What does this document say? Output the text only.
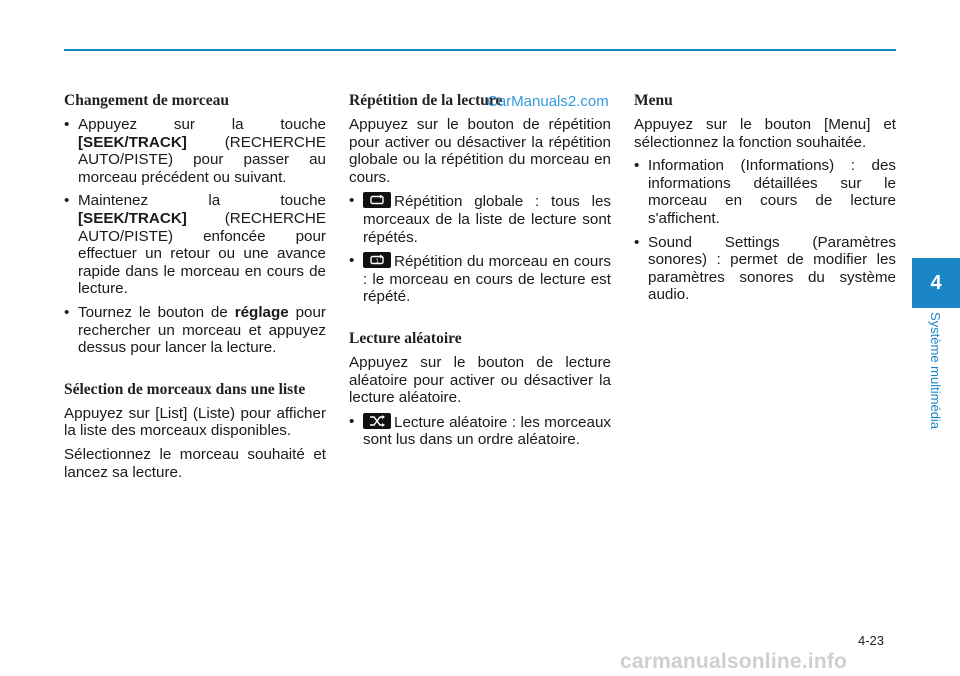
Changement de morceau
• Appuyez sur la touche [SEEK/TRACK] (RECHERCHE AUTO/PISTE) pour passer au morceau précédent ou suivant.
• Maintenez la touche [SEEK/TRACK] (RECHERCHE AUTO/PISTE) enfoncée pour effectuer un retour ou une avance rapide dans le morceau en cours de lecture.
• Tournez le bouton de réglage pour rechercher un morceau et appuyez dessus pour lancer la lecture.
Sélection de morceaux dans une liste

Appuyez sur [List] (Liste) pour afficher la liste des morceaux disponibles.

Sélectionnez le morceau souhaité et lancez sa lecture.

Répétition de la lecture

Appuyez sur le bouton de répétition pour activer ou désactiver la répétition globale ou la répétition du morceau en cours.

• Répétition globale : tous les morceaux de la liste de lecture sont répétés.
• 1 Répétition du morceau en cours : le morceau en cours de lecture est répété.
Lecture aléatoire

Appuyez sur le bouton de lecture aléatoire pour activer ou désactiver la lecture aléatoire.

• Lecture aléatoire : les morceaux sont lus dans un ordre aléatoire.
Menu

Appuyez sur le bouton [Menu] et sélectionnez la fonction souhaitée.

• Information (Informations) : des informations détaillées sur le morceau en cours de lecture s'affichent.
• Sound Settings (Paramètres sonores) : permet de modifier les paramètres sonores du système audio.
CarManuals2.com
4
Système multimédia
4-23
carmanualsonline.info
